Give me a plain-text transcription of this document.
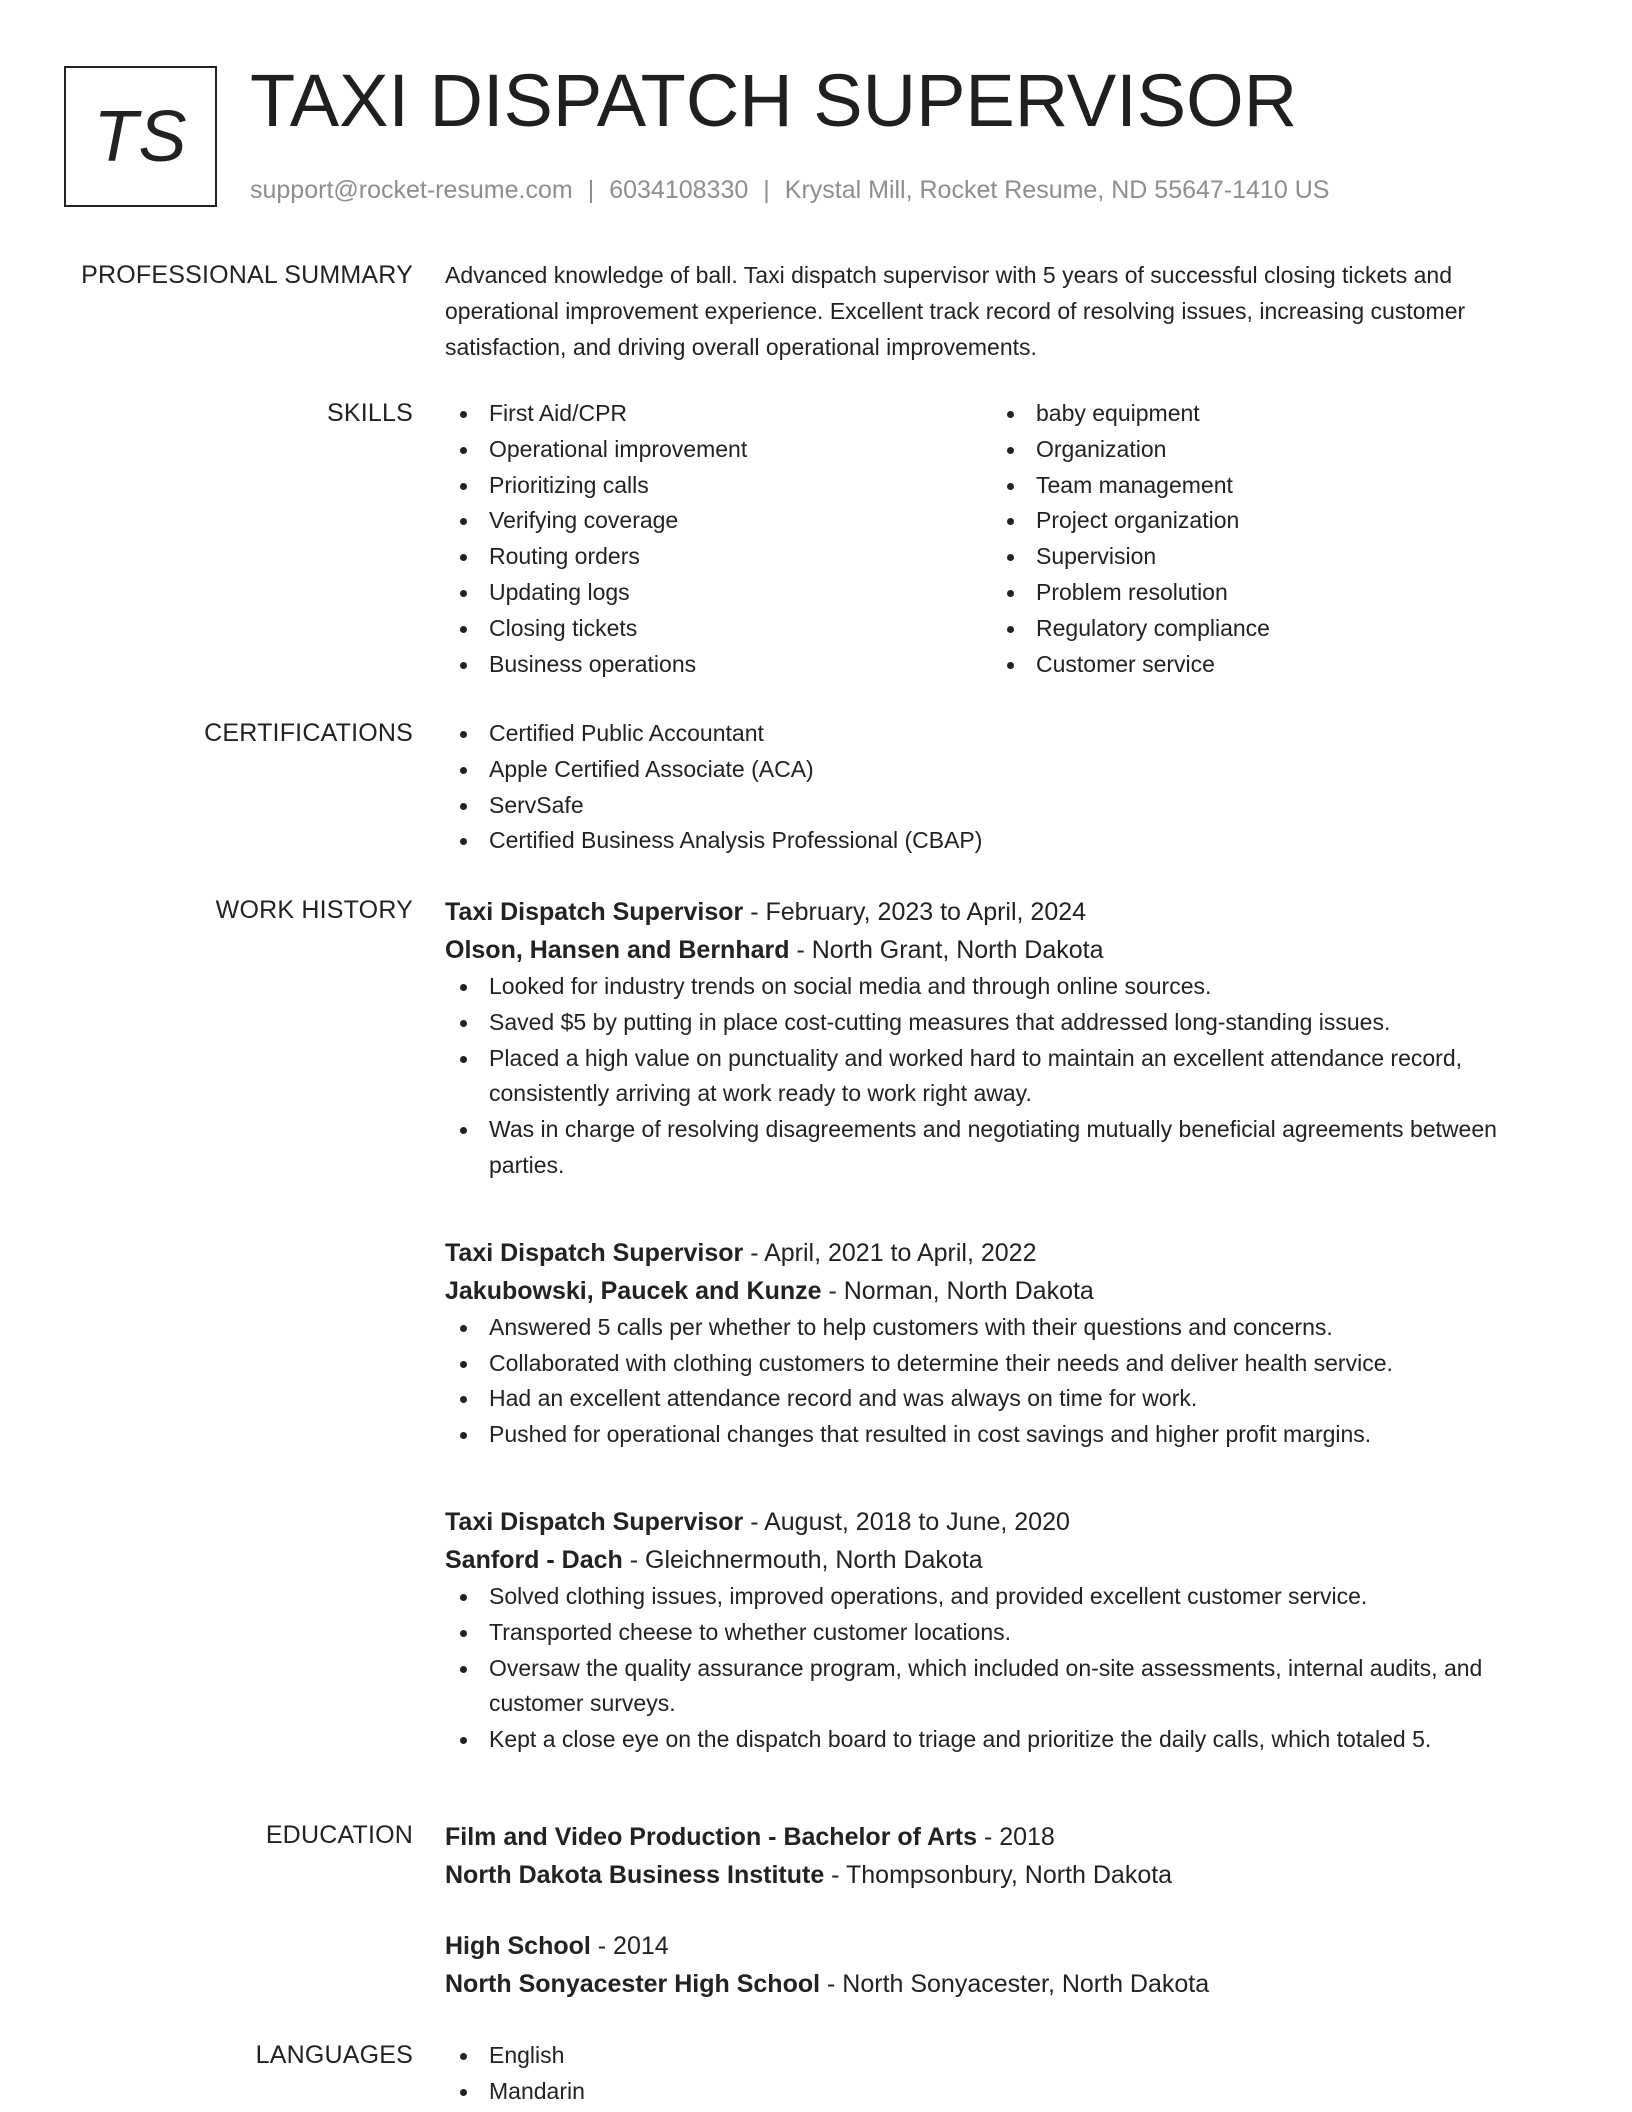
TS TAXI DISPATCH SUPERVISOR
support@rocket-resume.com | 6034108330 | Krystal Mill, Rocket Resume, ND 55647-1410 US
PROFESSIONAL SUMMARY Advanced knowledge of ball. Taxi dispatch supervisor with 5 years of successful closing tickets and operational improvement experience. Excellent track record of resolving issues, increasing customer satisfaction, and driving overall operational improvements.

SKILLS	First Aid/CPR
Operational improvement
Prioritizing calls
Verifying coverage
Routing orders
Updating logs
Closing tickets
Business operations
baby equipment
Organization
Team management
Project organization
Supervision
Problem resolution
Regulatory compliance
Customer service
CERTIFICATIONS	Certified Public Accountant
Apple Certified Associate (ACA)
ServSafe
Certified Business Analysis Professional (CBAP)
WORK HISTORY Taxi Dispatch Supervisor - February, 2023 to April, 2024
Olson, Hansen and Bernhard - North Grant, North Dakota
Looked for industry trends on social media and through online sources.
Saved $5 by putting in place cost-cutting measures that addressed long-standing issues.
Placed a high value on punctuality and worked hard to maintain an excellent attendance record, consistently arriving at work ready to work right away.
Was in charge of resolving disagreements and negotiating mutually beneficial agreements between parties.
Taxi Dispatch Supervisor - April, 2021 to April, 2022
Jakubowski, Paucek and Kunze - Norman, North Dakota
Answered 5 calls per whether to help customers with their questions and concerns.
Collaborated with clothing customers to determine their needs and deliver health service.
Had an excellent attendance record and was always on time for work.
Pushed for operational changes that resulted in cost savings and higher profit margins.
Taxi Dispatch Supervisor - August, 2018 to June, 2020
Sanford - Dach - Gleichnermouth, North Dakota
Solved clothing issues, improved operations, and provided excellent customer service.
Transported cheese to whether customer locations.
Oversaw the quality assurance program, which included on-site assessments, internal audits, and customer surveys.
Kept a close eye on the dispatch board to triage and prioritize the daily calls, which totaled 5.
EDUCATION Film and Video Production - Bachelor of Arts - 2018
North Dakota Business Institute - Thompsonbury, North Dakota
High School - 2014
North Sonyacester High School - North Sonyacester, North Dakota
LANGUAGES	English
Mandarin
